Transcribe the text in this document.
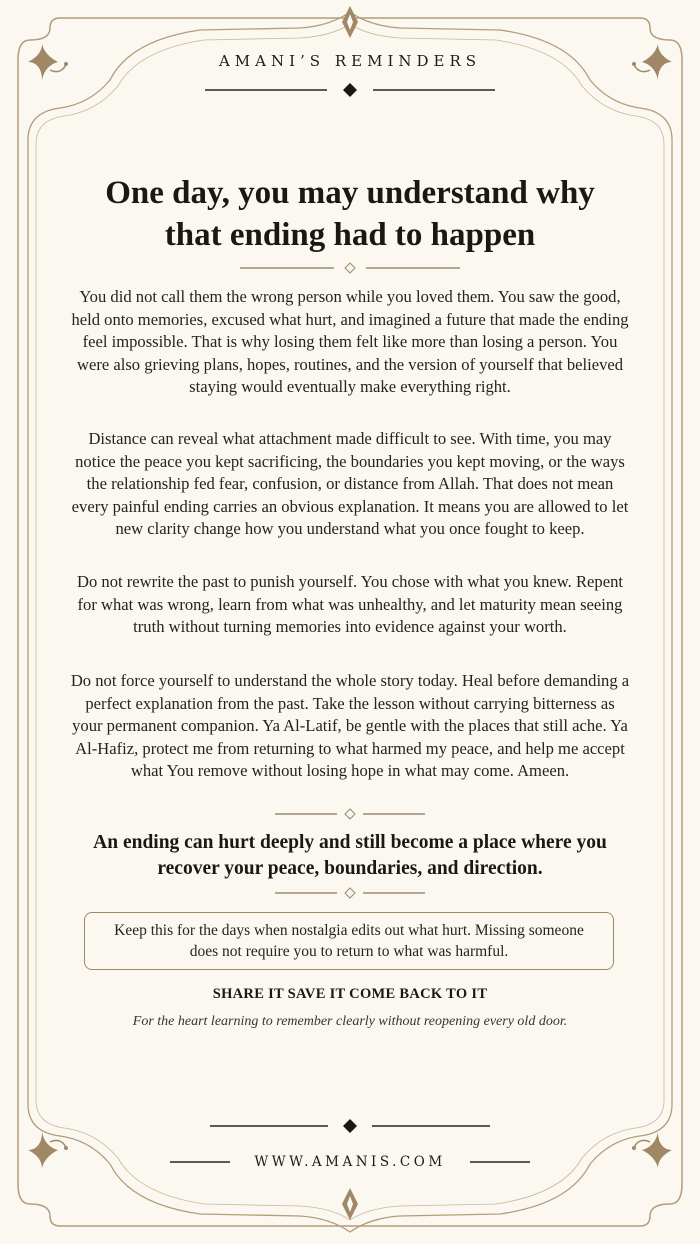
AMANI’S REMINDERS
One day, you may understand why
that ending had to happen

You did not call them the wrong person while you loved them. You saw the good, held onto memories, excused what hurt, and imagined a future that made the ending feel impossible. That is why losing them felt like more than losing a person. You were also grieving plans, hopes, routines, and the version of yourself that believed staying would eventually make everything right.

Distance can reveal what attachment made difficult to see. With time, you may notice the peace you kept sacrificing, the boundaries you kept moving, or the ways the relationship fed fear, confusion, or distance from Allah. That does not mean every painful ending carries an obvious explanation. It means you are allowed to let new clarity change how you understand what you once fought to keep.

Do not rewrite the past to punish yourself. You chose with what you knew. Repent for what was wrong, learn from what was unhealthy, and let maturity mean seeing truth without turning memories into evidence against your worth.

Do not force yourself to understand the whole story today. Heal before demanding a perfect explanation from the past. Take the lesson without carrying bitterness as your permanent companion. Ya Al-Latif, be gentle with the places that still ache. Ya Al-Hafiz, protect me from returning to what harmed my peace, and help me accept what You remove without losing hope in what may come. Ameen.

An ending can hurt deeply and still become a place where you recover your peace, boundaries, and direction.
Keep this for the days when nostalgia edits out what hurt. Missing someone does not require you to return to what was harmful.
SHARE IT SAVE IT COME BACK TO IT
For the heart learning to remember clearly without reopening every old door.
WWW.AMANIS.COM
